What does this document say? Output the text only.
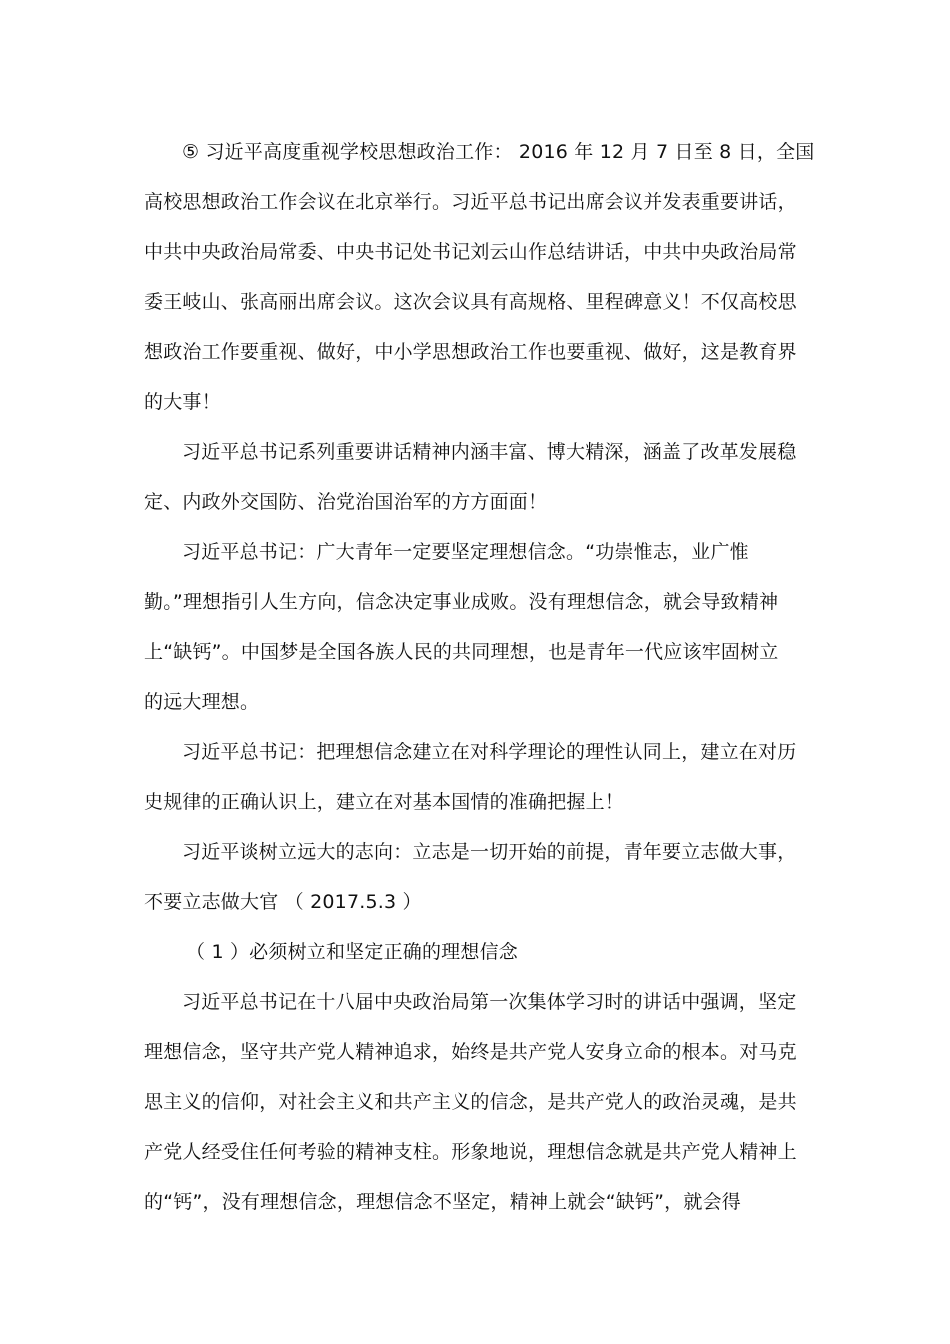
⑤ 习近平高度重视学校思想政治工作： 2016 年 12 月 7 日至 8 日，全国
高校思想政治工作会议在北京举行。习近平总书记出席会议并发表重要讲话，
中共中央政治局常委、中央书记处书记刘云山作总结讲话，中共中央政治局常
委王岐山、张高丽出席会议。这次会议具有高规格、里程碑意义！不仅高校思
想政治工作要重视、做好，中小学思想政治工作也要重视、做好，这是教育界
的大事！
习近平总书记系列重要讲话精神内涵丰富、博大精深，涵盖了改革发展稳
定、内政外交国防、治党治国治军的方方面面！
习近平总书记：广大青年一定要坚定理想信念。“功崇惟志，业广惟
勤。”理想指引人生方向，信念决定事业成败。没有理想信念，就会导致精神
上“缺钙”。中国梦是全国各族人民的共同理想，也是青年一代应该牢固树立
的远大理想。
习近平总书记：把理想信念建立在对科学理论的理性认同上，建立在对历
史规律的正确认识上，建立在对基本国情的准确把握上！
习近平谈树立远大的志向：立志是一切开始的前提，青年要立志做大事，
不要立志做大官 （ 2017.5.3 ）
（ 1 ）必须树立和坚定正确的理想信念
习近平总书记在十八届中央政治局第一次集体学习时的讲话中强调，坚定
理想信念，坚守共产党人精神追求，始终是共产党人安身立命的根本。对马克
思主义的信仰，对社会主义和共产主义的信念，是共产党人的政治灵魂，是共
产党人经受住任何考验的精神支柱。形象地说，理想信念就是共产党人精神上
的“钙”，没有理想信念，理想信念不坚定，精神上就会“缺钙”，就会得
